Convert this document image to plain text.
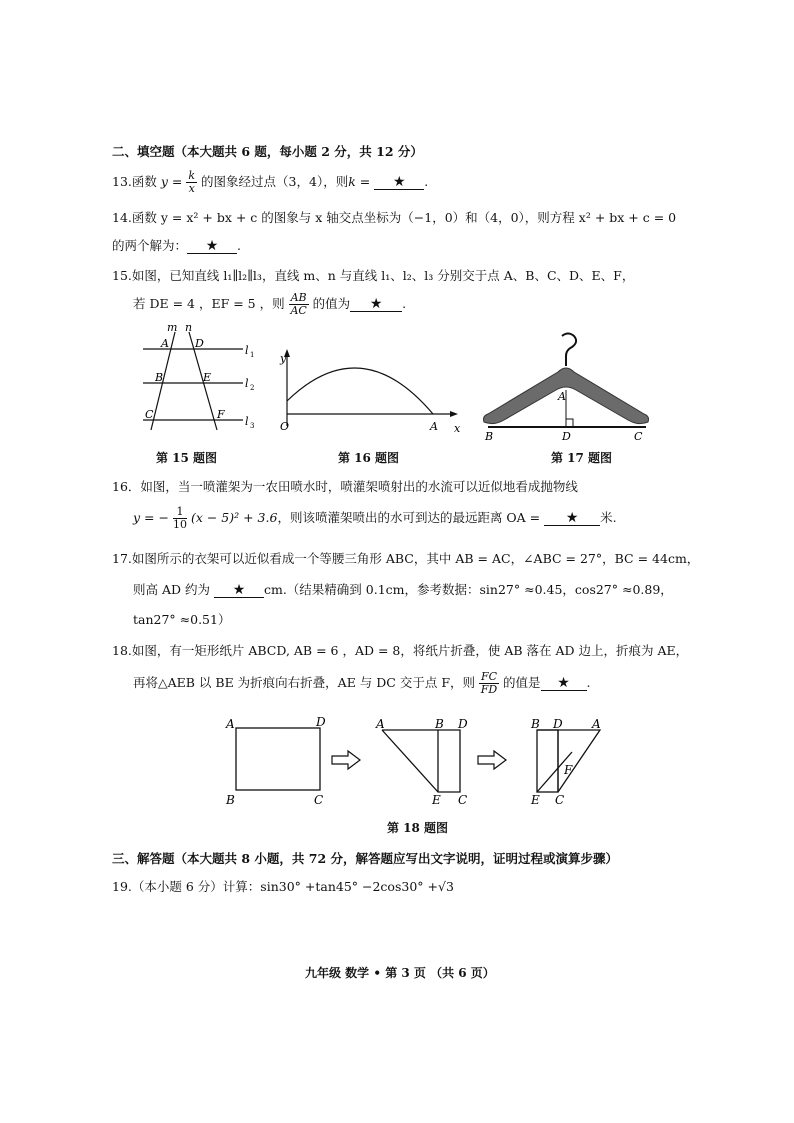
二、填空题（本大题共 6 题，每小题 2 分，共 12 分）
13.函数 $y = \frac{k}{x}$ 的图象经过点（3，4），则k = ★ .
14.函数 y = x² + bx + c 的图象与 x 轴交点坐标为（−1，0）和（4，0），则方程 x² + bx + c = 0
的两个解为： ★ .
15.如图，已知直线 l₁∥l₂∥l₃，直线 m、n 与直线 l₁、l₂、l₃ 分别交于点 A、B、C、D、E、F，
若 DE = 4 ，EF = 5 ，则 $\frac{AB}{AC}$ 的值为 ★ .
m n
A D
B	E
C	F
l 1
l 2
l 3
y
x
O	A
A
B	D	C
第 15 题图	第 16 题图	第 17 题图
16．如图，当一喷灌架为一农田喷水时，喷灌架喷射出的水流可以近似地看成抛物线
y = − $\frac{1}{10} (x - 5)^2 + 3.6$，则该喷灌架喷出的水可到达的最远距离 OA = ★ 米.
17.如图所示的衣架可以近似看成一个等腰三角形 ABC，其中 AB = AC，∠ABC = 27°，BC = 44cm，
则高 AD 约为 ★ cm.（结果精确到 0.1cm，参考数据：sin27° ≈0.45，cos27° ≈0.89，
tan27° ≈0.51）
18.如图，有一矩形纸片 ABCD, AB = 6 ，AD = 8，将纸片折叠，使 AB 落在 AD 边上，折痕为 AE，
再将△AEB 以 BE 为折痕向右折叠，AE 与 DC 交于点 F，则 $\frac{FC}{FD}$ 的值是 ★ .
A	D
B	C
A	B D
E C
B D A
F
E C
第 18 题图
三、解答题（本大题共 8 小题，共 72 分，解答题应写出文字说明，证明过程或演算步骤）
19.（本小题 6 分）计算：sin30° +tan45° −2cos30° +√3
九年级 数学 • 第 3 页 （共 6 页）
